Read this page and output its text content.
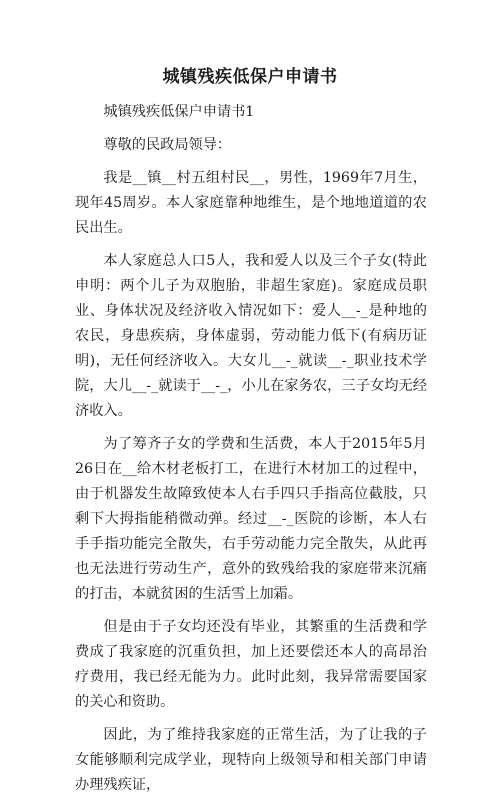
城镇残疾低保户申请书

城镇残疾低保户申请书1

尊敬的民政局领导：

我是__镇__村五组村民__，男性，1969年7月生，现年45周岁。本人家庭靠种地维生，是个地地道道的农民出生。

本人家庭总人口5人，我和爱人以及三个子女(特此申明：两个儿子为双胞胎，非超生家庭)。家庭成员职业、身体状况及经济收入情况如下：爱人__-_是种地的农民，身患疾病，身体虚弱，劳动能力低下(有病历证明)，无任何经济收入。大女儿__-_就读__-_职业技术学院，大儿__-_就读于__-_，小儿在家务农，三子女均无经济收入。

为了筹齐子女的学费和生活费，本人于2015年5月26日在__给木材老板打工，在进行木材加工的过程中，由于机器发生故障致使本人右手四只手指高位截肢，只剩下大拇指能稍微动弹。经过__-_医院的诊断，本人右手手指功能完全散失，右手劳动能力完全散失，从此再也无法进行劳动生产，意外的致残给我的家庭带来沉痛的打击，本就贫困的生活雪上加霜。

但是由于子女均还没有毕业，其繁重的生活费和学费成了我家庭的沉重负担，加上还要偿还本人的高昂治疗费用，我已经无能为力。此时此刻，我异常需要国家的关心和资助。

因此，为了维持我家庭的正常生活，为了让我的子女能够顺利完成学业，现特向上级领导和相关部门申请办理残疾证，
